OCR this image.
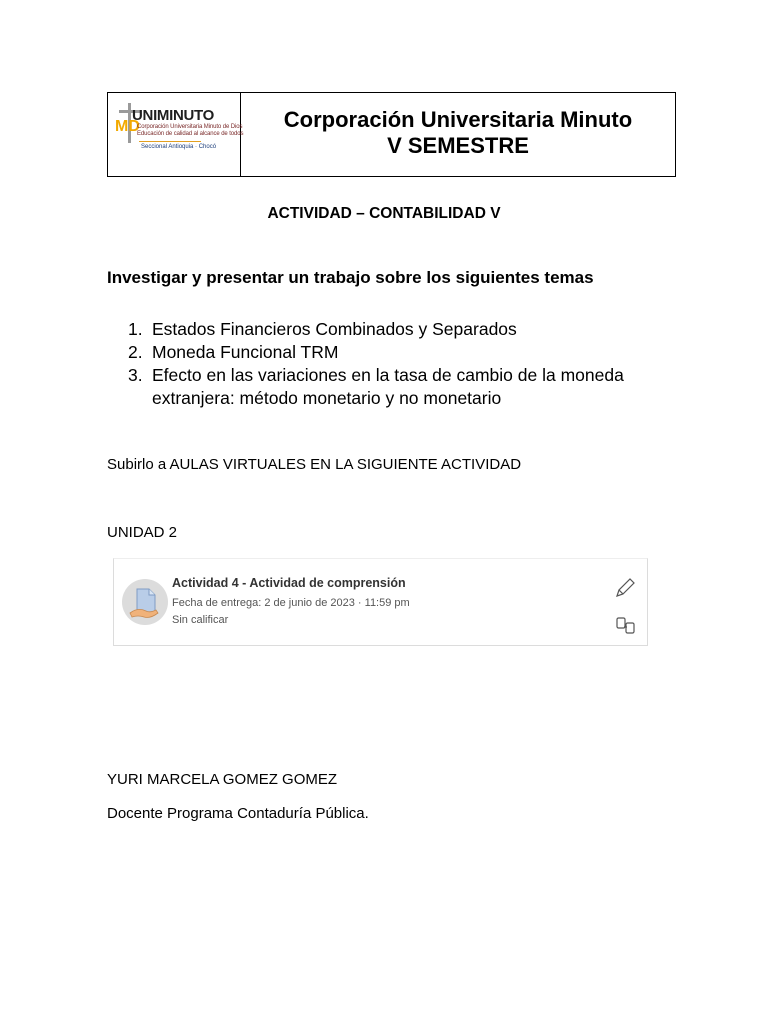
MD
UNIMINUTO
Corporación Universitaria Minuto de Dios
Educación de calidad al alcance de todos
Seccional Antioquia · Chocó
Corporación Universitaria Minuto
V SEMESTRE
ACTIVIDAD – CONTABILIDAD V
Investigar y presentar un trabajo sobre los siguientes temas
1. Estados Financieros Combinados y Separados
2. Moneda Funcional TRM
3. Efecto en las variaciones en la tasa de cambio de la moneda extranjera: método monetario y no monetario
Subirlo a AULAS VIRTUALES EN LA SIGUIENTE ACTIVIDAD
UNIDAD 2
Actividad 4 - Actividad de comprensión
Fecha de entrega: 2 de junio de 2023 · 11:59 pm
Sin calificar
YURI MARCELA GOMEZ GOMEZ
Docente Programa Contaduría Pública.
